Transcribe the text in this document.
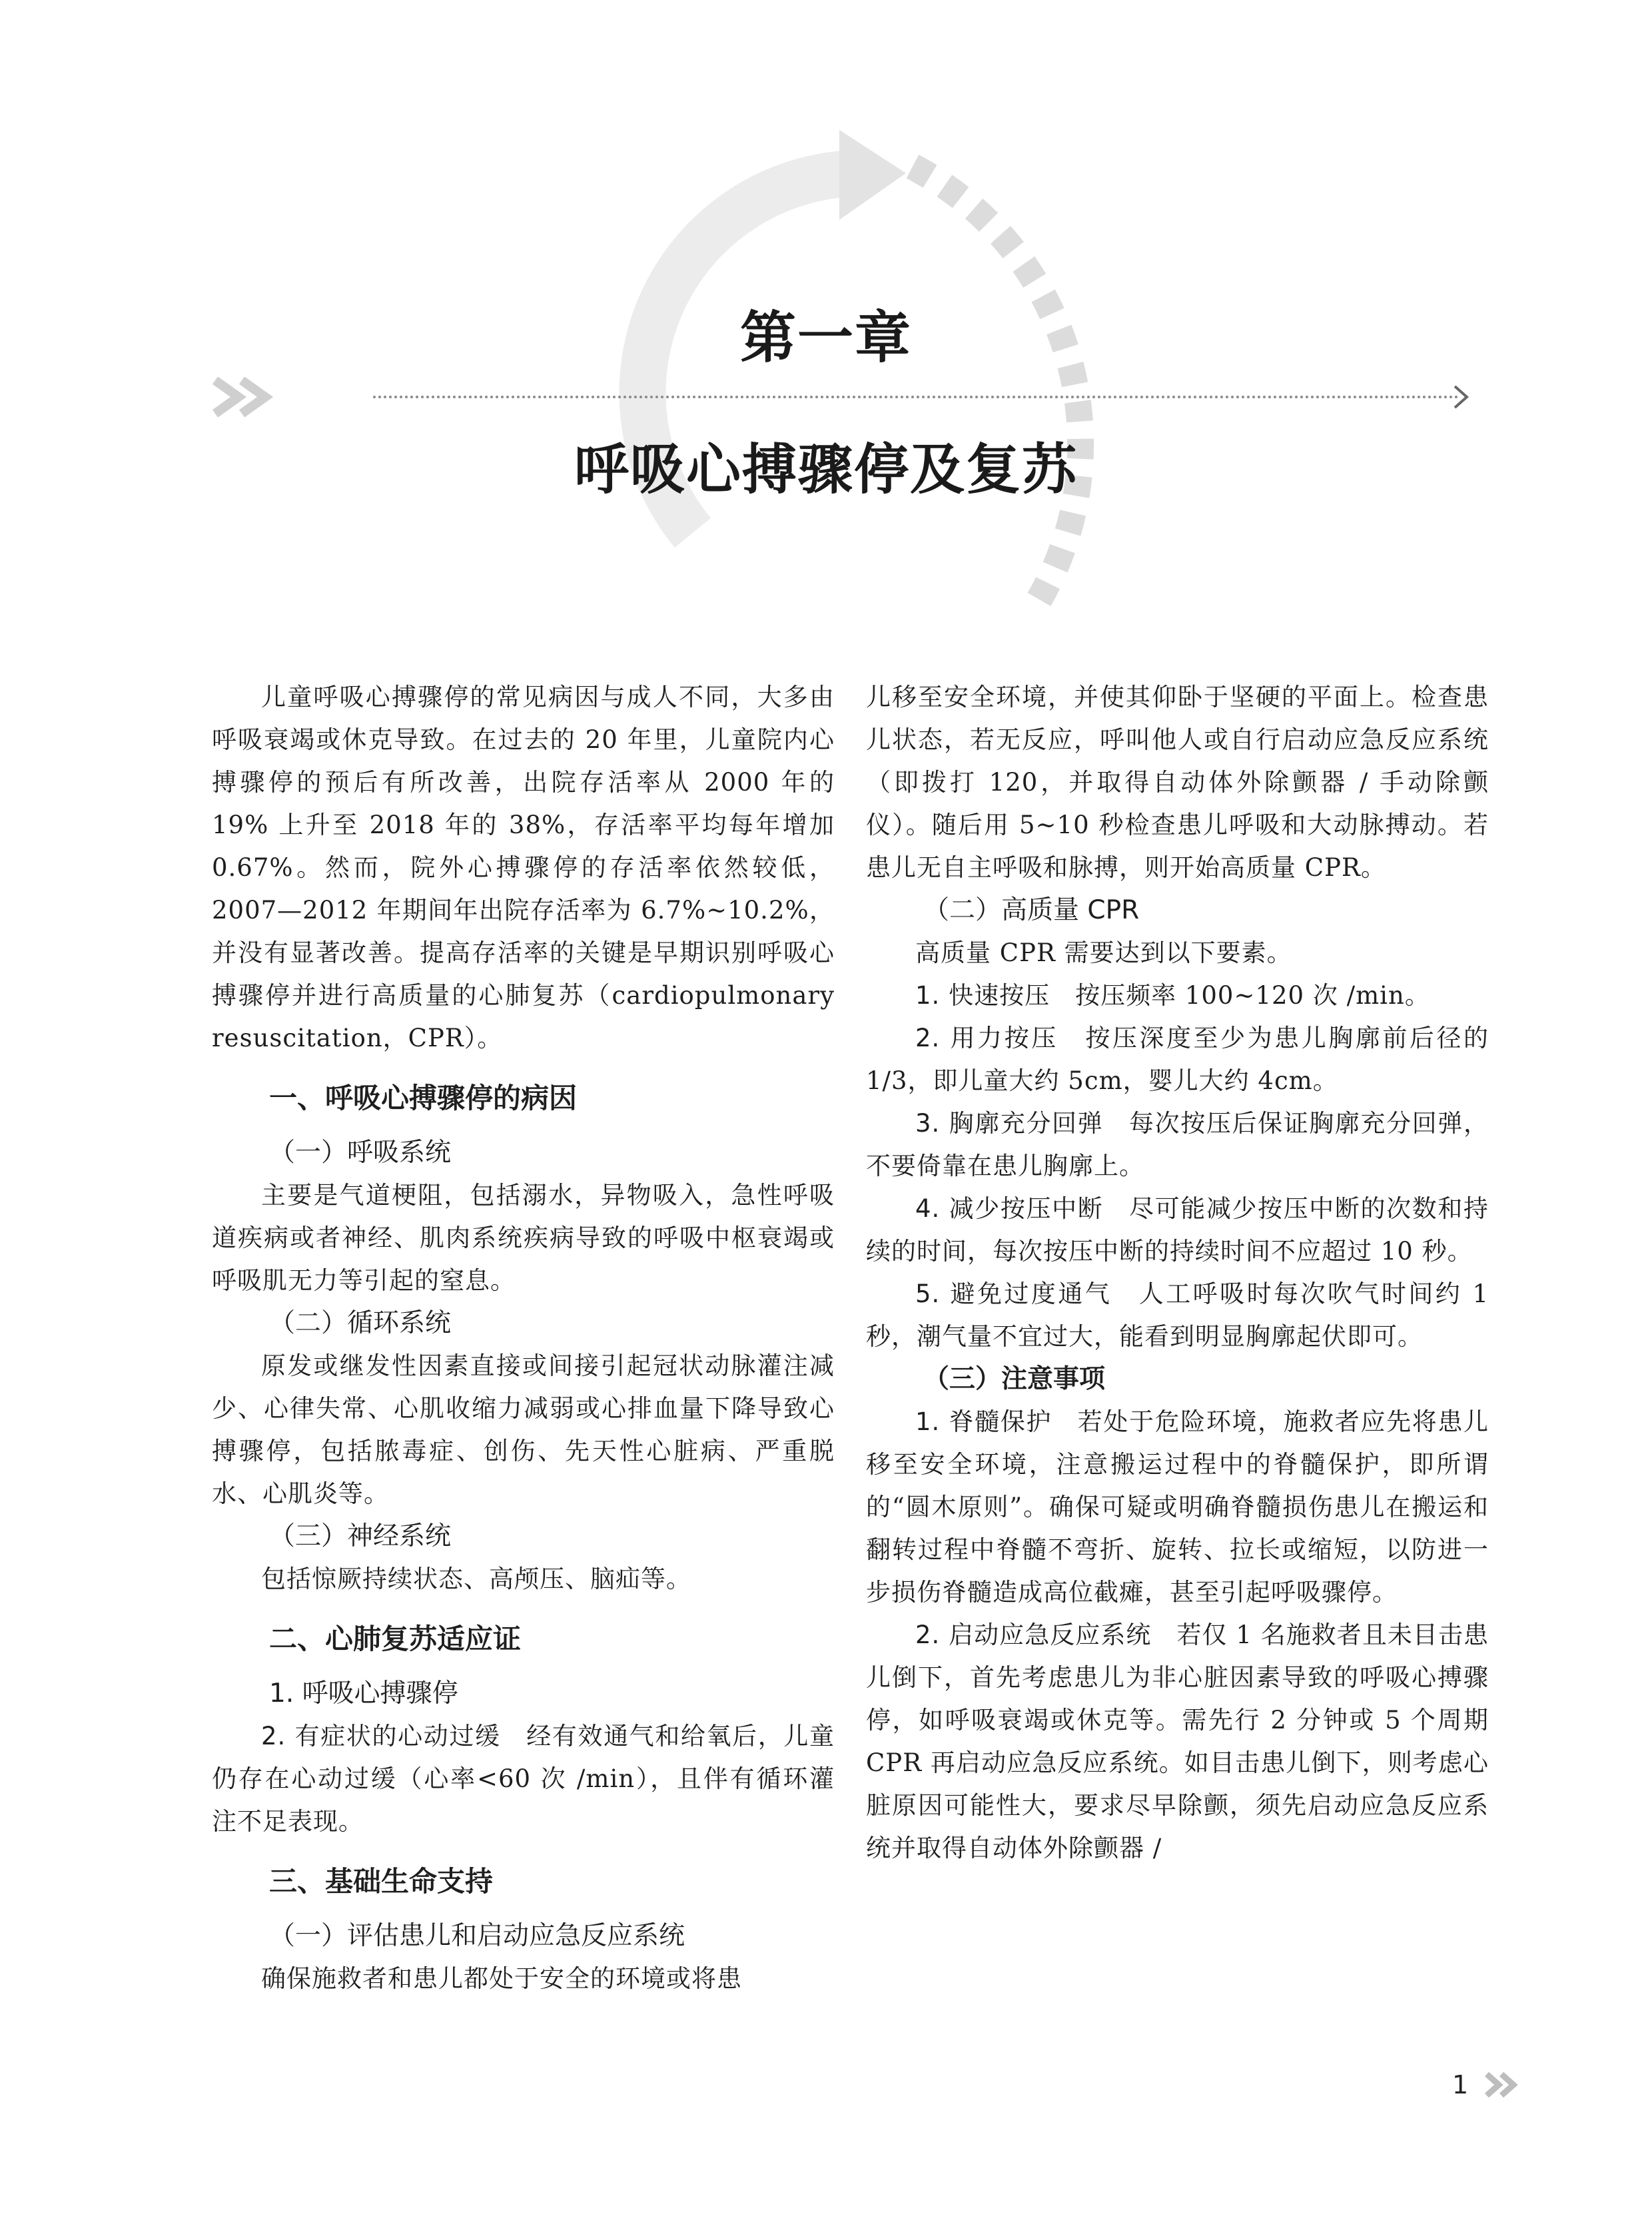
第一章
呼吸心搏骤停及复苏

儿童呼吸心搏骤停的常见病因与成人不同，大多由呼吸衰竭或休克导致。在过去的 20 年里，儿童院内心搏骤停的预后有所改善，出院存活率从 2000 年的 19% 上升至 2018 年的 38%，存活率平均每年增加 0.67%。然而，院外心搏骤停的存活率依然较低，2007—2012 年期间年出院存活率为 6.7%~10.2%，并没有显著改善。提高存活率的关键是早期识别呼吸心搏骤停并进行高质量的心肺复苏（cardiopulmonary resuscitation，CPR）。

一、呼吸心搏骤停的病因
（一）呼吸系统

主要是气道梗阻，包括溺水，异物吸入，急性呼吸道疾病或者神经、肌肉系统疾病导致的呼吸中枢衰竭或呼吸肌无力等引起的窒息。

（二）循环系统

原发或继发性因素直接或间接引起冠状动脉灌注减少、心律失常、心肌收缩力减弱或心排血量下降导致心搏骤停，包括脓毒症、创伤、先天性心脏病、严重脱水、心肌炎等。

（三）神经系统

包括惊厥持续状态、高颅压、脑疝等。

二、心肺复苏适应证
1. 呼吸心搏骤停

2. 有症状的心动过缓　 经有效通气和给氧后，儿童仍存在心动过缓（心率<60 次 /min），且伴有循环灌注不足表现。

三、基础生命支持
（一）评估患儿和启动应急反应系统

确保施救者和患儿都处于安全的环境或将患

儿移至安全环境，并使其仰卧于坚硬的平面上。检查患儿状态，若无反应，呼叫他人或自行启动应急反应系统（即拨打 120，并取得自动体外除颤器 / 手动除颤仪）。随后用 5~10 秒检查患儿呼吸和大动脉搏动。若患儿无自主呼吸和脉搏，则开始高质量 CPR。

（二）高质量 CPR

高质量 CPR 需要达到以下要素。

1. 快速按压　 按压频率 100~120 次 /min。

2. 用力按压　 按压深度至少为患儿胸廓前后径的 1/3，即儿童大约 5cm，婴儿大约 4cm。

3. 胸廓充分回弹　 每次按压后保证胸廓充分回弹，不要倚靠在患儿胸廓上。

4. 减少按压中断　 尽可能减少按压中断的次数和持续的时间，每次按压中断的持续时间不应超过 10 秒。

5. 避免过度通气　 人工呼吸时每次吹气时间约 1 秒，潮气量不宜过大，能看到明显胸廓起伏即可。

（三）注意事项

1. 脊髓保护　 若处于危险环境，施救者应先将患儿移至安全环境，注意搬运过程中的脊髓保护，即所谓的“圆木原则”。确保可疑或明确脊髓损伤患儿在搬运和翻转过程中脊髓不弯折、旋转、拉长或缩短，以防进一步损伤脊髓造成高位截瘫，甚至引起呼吸骤停。

2. 启动应急反应系统　 若仅 1 名施救者且未目击患儿倒下，首先考虑患儿为非心脏因素导致的呼吸心搏骤停，如呼吸衰竭或休克等。需先行 2 分钟或 5 个周期 CPR 再启动应急反应系统。如目击患儿倒下，则考虑心脏原因可能性大，要求尽早除颤，须先启动应急反应系统并取得自动体外除颤器 /

1
